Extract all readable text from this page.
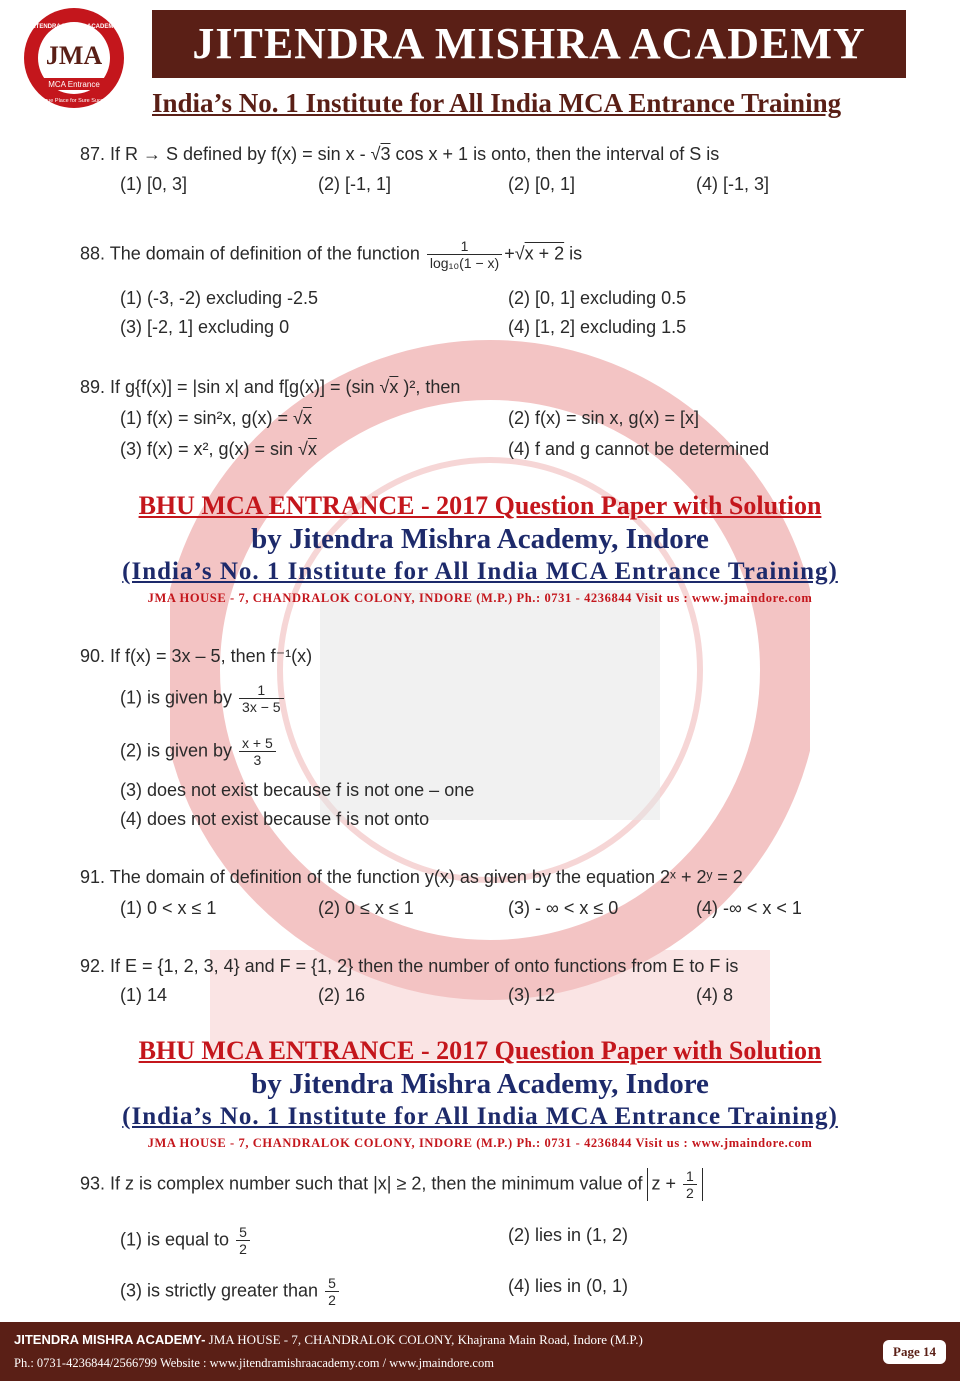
JMA
MCA Entrance
JITENDRA MISHRA ACADEMY
Unique Place for Sure Success
JITENDRA MISHRA ACADEMY
India’s No. 1 Institute for All India MCA Entrance Training
87. If R → S defined by f(x) = sin x - √3 cos x + 1 is onto, then the interval of S is
(1) [0, 3]	(2) [-1, 1]	(2) [0, 1]	(4) [-1, 3]
88. The domain of definition of the function $\frac{1}{\text{log₁₀(1 − x)}} +√x + 2$ is
(1) (-3, -2) excluding -2.5	(2) [0, 1] excluding 0.5
(3) [-2, 1] excluding 0	(4) [1, 2] excluding 1.5
89. If g{f(x)] = |sin x| and f[g(x)] = (sin √x )², then
(1) f(x) = sin²x, g(x) = √x	(2) f(x) = sin x, g(x) = [x]
(3) f(x) = x², g(x) = sin √x	(4) f and g cannot be determined
BHU MCA ENTRANCE - 2017 Question Paper with Solution
by Jitendra Mishra Academy, Indore
(India’s No. 1 Institute for All India MCA Entrance Training)
JMA HOUSE - 7, CHANDRALOK COLONY, INDORE (M.P.) Ph.: 0731 - 4236844 Visit us : www.jmaindore.com
90. If f(x) = 3x – 5, then f⁻¹(x)
(1) is given by $\frac{1}{3x - 5}$
(2) is given by $\frac{x + 5}{3}$
(3) does not exist because f is not one – one
(4) does not exist because f is not onto
91. The domain of definition of the function y(x) as given by the equation 2ˣ + 2ʸ = 2
(1) 0 < x ≤ 1	(2) 0 ≤ x ≤ 1	(3) - ∞ < x ≤ 0	(4) -∞ < x < 1
92. If E = {1, 2, 3, 4} and F = {1, 2} then the number of onto functions from E to F is
(1) 14	(2) 16	(3) 12	(4) 8
BHU MCA ENTRANCE - 2017 Question Paper with Solution
by Jitendra Mishra Academy, Indore
(India’s No. 1 Institute for All India MCA Entrance Training)
JMA HOUSE - 7, CHANDRALOK COLONY, INDORE (M.P.) Ph.: 0731 - 4236844 Visit us : www.jmaindore.com
93. If z is complex number such that |x| ≥ 2, then the minimum value of $z + \frac{1}{2}$
(1) is equal to $\frac{5}{2}$	(2) lies in (1, 2)
(3) is strictly greater than $\frac{5}{2}$	(4) lies in (0, 1)
JITENDRA MISHRA ACADEMY- JMA HOUSE - 7, CHANDRALOK COLONY, Khajrana Main Road, Indore (M.P.)
Ph.: 0731-4236844/2566799 Website : www.jitendramishraacademy.com / www.jmaindore.com
Page 14
